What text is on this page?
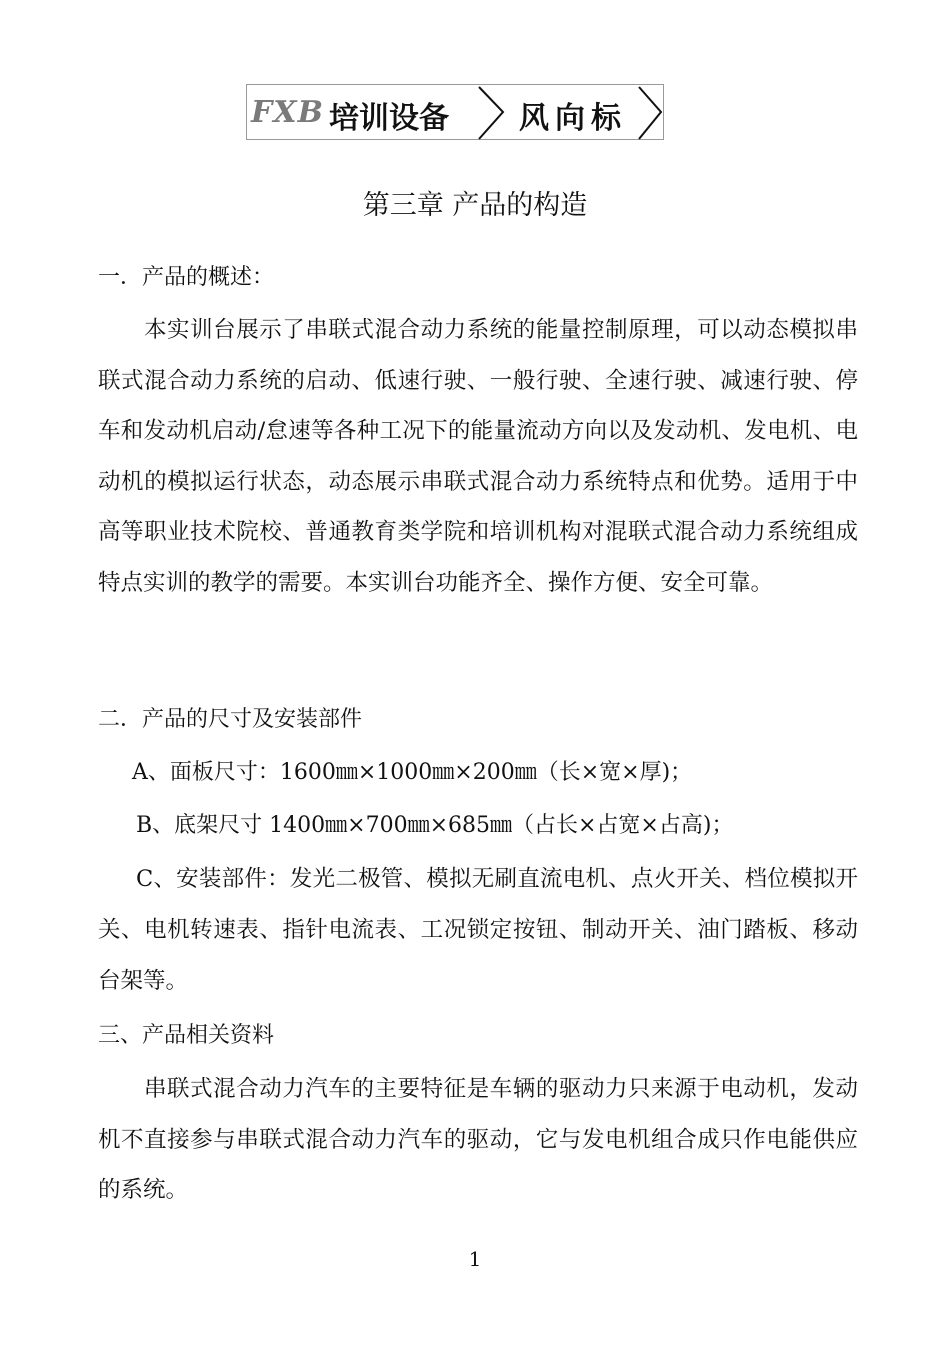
FXB 培训设备 风向标
第三章 产品的构造
一．产品的概述：

本实训台展示了串联式混合动力系统的能量控制原理，可以动态模拟串联式混合动力系统的启动、低速行驶、一般行驶、全速行驶、减速行驶、停车和发动机启动/怠速等各种工况下的能量流动方向以及发动机、发电机、电动机的模拟运行状态，动态展示串联式混合动力系统特点和优势。适用于中高等职业技术院校、普通教育类学院和培训机构对混联式混合动力系统组成特点实训的教学的需要。本实训台功能齐全、操作方便、安全可靠。

二．产品的尺寸及安装部件
A、面板尺寸：1600㎜×1000㎜×200㎜（长×宽×厚)；
B、底架尺寸 1400㎜×700㎜×685㎜（占长×占宽×占高)；

C、安装部件：发光二极管、模拟无刷直流电机、点火开关、档位模拟开关、电机转速表、指针电流表、工况锁定按钮、制动开关、油门踏板、移动台架等。

三、产品相关资料

串联式混合动力汽车的主要特征是车辆的驱动力只来源于电动机，发动机不直接参与串联式混合动力汽车的驱动，它与发电机组合成只作电能供应的系统。

1
